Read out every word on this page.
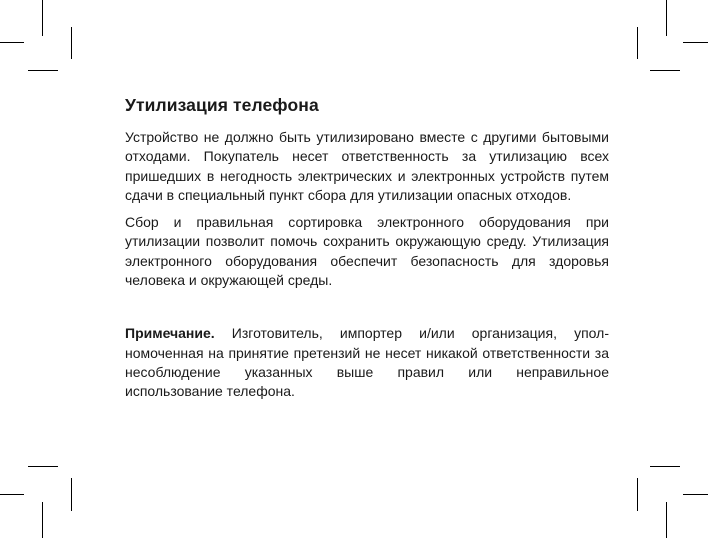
Утилизация телефона

Устройство не должно быть утилизировано вместе с другими бытовыми отходами. Покупатель несет ответственность за утилизацию всех пришедших в негодность электрических и электронных устройств путем сдачи в специальный пункт сбора для утилизации опасных отходов.

Сбор и правильная сортировка электронного оборудования при утилизации позволит помочь сохранить окружающую среду. Утилизация электронного оборудования обеспечит безопасность для здоровья человека и окружающей среды.

Примечание. Изготовитель, импортер и/или организация, уполномоченная на принятие претензий не несет никакой ответственности за несоблюдение указанных выше правил или неправильное использование телефона.
